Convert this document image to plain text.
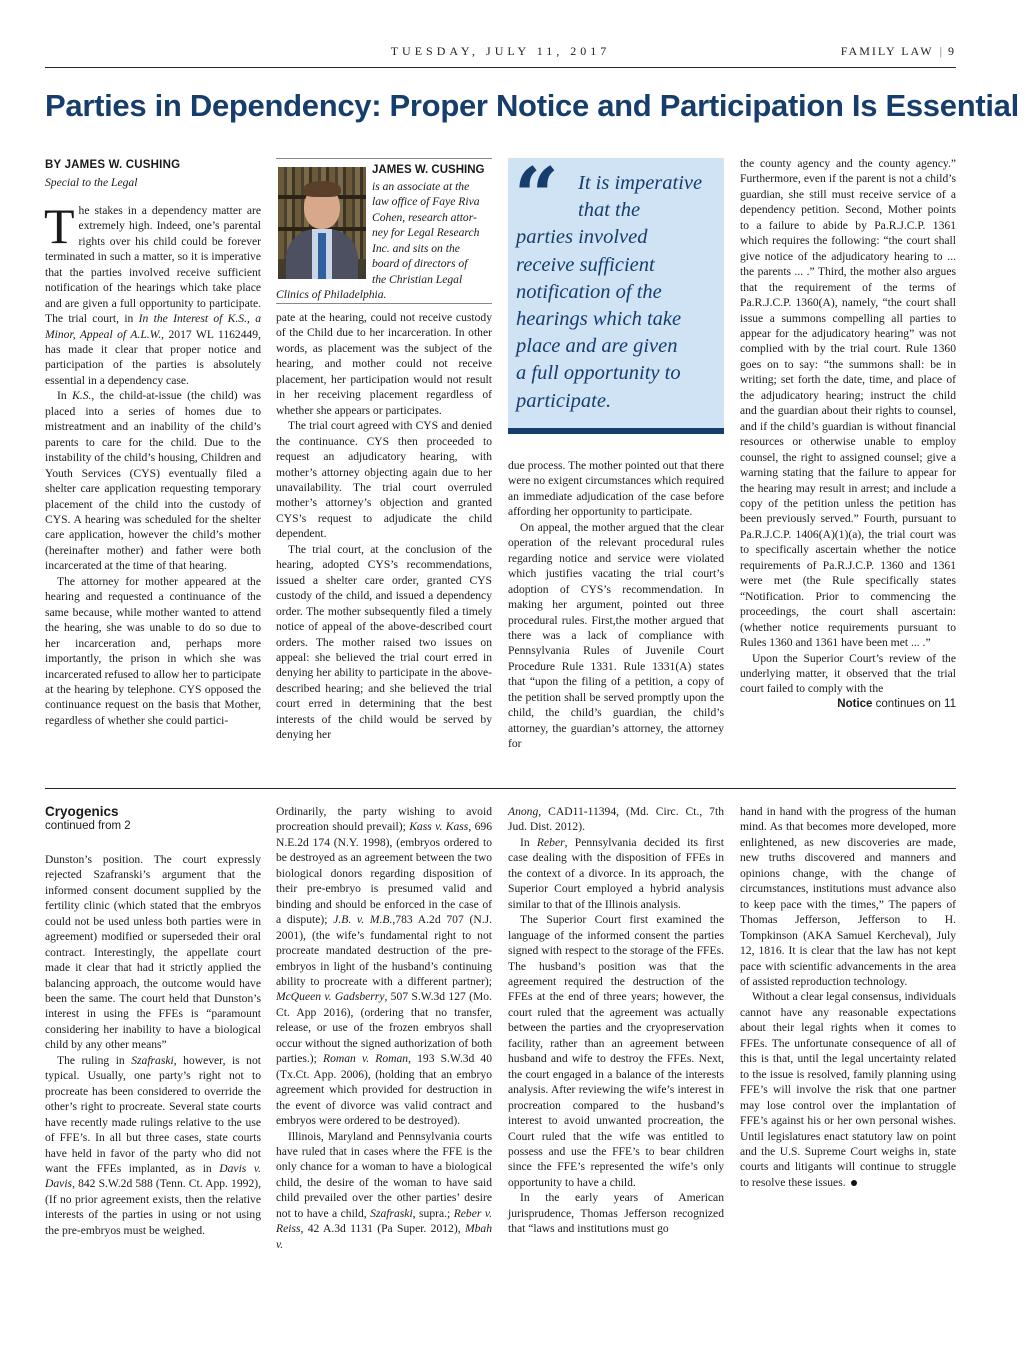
TUESDAY, JULY 11, 2017	FAMILY LAW | 9
Parties in Dependency: Proper Notice and Participation Is Essential
BY JAMES W. CUSHING
Special to the Legal

The stakes in a dependency matter are extremely high. Indeed, one’s parental rights over his child could be forever terminated in such a matter, so it is imperative that the parties involved receive sufficient notification of the hearings which take place and are given a full opportunity to participate. The trial court, in In the Interest of K.S., a Minor, Appeal of A.L.W., 2017 WL 1162449, has made it clear that proper notice and participation of the parties is absolutely essential in a dependency case.

In K.S., the child-at-issue (the child) was placed into a series of homes due to mistreatment and an inability of the child’s parents to care for the child. Due to the instability of the child’s housing, Children and Youth Services (CYS) eventually filed a shelter care application requesting temporary placement of the child into the custody of CYS. A hearing was scheduled for the shelter care application, however the child’s mother (hereinafter mother) and father were both incarcerated at the time of that hearing.

The attorney for mother appeared at the hearing and requested a continuance of the same because, while mother wanted to attend the hearing, she was unable to do so due to her incarceration and, perhaps more importantly, the prison in which she was incarcerated refused to allow her to participate at the hearing by telephone. CYS opposed the continuance request on the basis that Mother, regardless of whether she could partici-

JAMES W. CUSHING
is an associate at the
law office of Faye Riva
Cohen, research attor-
ney for Legal Research
Inc. and sits on the
board of directors of
the Christian Legal
Clinics of Philadelphia.

pate at the hearing, could not receive custody of the Child due to her incarceration. In other words, as placement was the subject of the hearing, and mother could not receive placement, her participation would not result in her receiving placement regardless of whether she appears or participates.

The trial court agreed with CYS and denied the continuance. CYS then proceeded to request an adjudicatory hearing, with mother’s attorney objecting again due to her unavailability. The trial court overruled mother’s attorney’s objection and granted CYS’s request to adjudicate the child dependent.

The trial court, at the conclusion of the hearing, adopted CYS’s recommendations, issued a shelter care order, granted CYS custody of the child, and issued a dependency order. The mother subsequently filed a timely notice of appeal of the above-described court orders. The mother raised two issues on appeal: she believed the trial court erred in denying her ability to participate in the above-described hearing; and she believed the trial court erred in determining that the best interests of the child would be served by denying her

“ It is imperative
that the
parties involved
receive sufficient
notification of the
hearings which take
place and are given
a full opportunity to
participate.

due process. The mother pointed out that there were no exigent circumstances which required an immediate adjudication of the case before affording her opportunity to participate.

On appeal, the mother argued that the clear operation of the relevant procedural rules regarding notice and service were violated which justifies vacating the trial court’s adoption of CYS’s recommendation. In making her argument, pointed out three procedural rules. First,the mother argued that there was a lack of compliance with Pennsylvania Rules of Juvenile Court Procedure Rule 1331. Rule 1331(A) states that “upon the filing of a petition, a copy of the petition shall be served promptly upon the child, the child’s guardian, the child’s attorney, the guardian’s attorney, the attorney for

the county agency and the county agency.” Furthermore, even if the parent is not a child’s guardian, she still must receive service of a dependency petition. Second, Mother points to a failure to abide by Pa.R.J.C.P. 1361 which requires the following: “the court shall give notice of the adjudicatory hearing to ... the parents ... .” Third, the mother also argues that the requirement of the terms of Pa.R.J.C.P. 1360(A), namely, “the court shall issue a summons compelling all parties to appear for the adjudicatory hearing” was not complied with by the trial court. Rule 1360 goes on to say: “the summons shall: be in writing; set forth the date, time, and place of the adjudicatory hearing; instruct the child and the guardian about their rights to counsel, and if the child’s guardian is without financial resources or otherwise unable to employ counsel, the right to assigned counsel; give a warning stating that the failure to appear for the hearing may result in arrest; and include a copy of the petition unless the petition has been previously served.” Fourth, pursuant to Pa.R.J.C.P. 1406(A)(1)(a), the trial court was to specifically ascertain whether the notice requirements of Pa.R.J.C.P. 1360 and 1361 were met (the Rule specifically states “Notification. Prior to commencing the proceedings, the court shall ascertain: (whether notice requirements pursuant to Rules 1360 and 1361 have been met ... .”

Upon the Superior Court’s review of the underlying matter, it observed that the trial court failed to comply with the

Notice continues on 11
Cryogenics
continued from 2

Dunston’s position. The court expressly rejected Szafranski’s argument that the informed consent document supplied by the fertility clinic (which stated that the embryos could not be used unless both parties were in agreement) modified or superseded their oral contract. Interestingly, the appellate court made it clear that had it strictly applied the balancing approach, the outcome would have been the same. The court held that Dunston’s interest in using the FFEs is “paramount considering her inability to have a biological child by any other means”

The ruling in Szafraski, however, is not typical. Usually, one party’s right not to procreate has been considered to override the other’s right to procreate. Several state courts have recently made rulings relative to the use of FFE’s. In all but three cases, state courts have held in favor of the party who did not want the FFEs implanted, as in Davis v. Davis, 842 S.W.2d 588 (Tenn. Ct. App. 1992), (If no prior agreement exists, then the relative interests of the parties in using or not using the pre-embryos must be weighed.

Ordinarily, the party wishing to avoid procreation should prevail); Kass v. Kass, 696 N.E.2d 174 (N.Y. 1998), (embryos ordered to be destroyed as an agreement between the two biological donors regarding disposition of their pre-embryo is presumed valid and binding and should be enforced in the case of a dispute); J.B. v. M.B.,783 A.2d 707 (N.J. 2001), (the wife’s fundamental right to not procreate mandated destruction of the pre-embryos in light of the husband’s continuing ability to procreate with a different partner); McQueen v. Gadsberry, 507 S.W.3d 127 (Mo. Ct. App 2016), (ordering that no transfer, release, or use of the frozen embryos shall occur without the signed authorization of both parties.); Roman v. Roman, 193 S.W.3d 40 (Tx.Ct. App. 2006), (holding that an embryo agreement which provided for destruction in the event of divorce was valid contract and embryos were ordered to be destroyed).

Illinois, Maryland and Pennsylvania courts have ruled that in cases where the FFE is the only chance for a woman to have a biological child, the desire of the woman to have said child prevailed over the other parties’ desire not to have a child, Szafraski, supra.; Reber v. Reiss, 42 A.3d 1131 (Pa Super. 2012), Mbah v.

Anong, CAD11-11394, (Md. Circ. Ct., 7th Jud. Dist. 2012).

In Reber, Pennsylvania decided its first case dealing with the disposition of FFEs in the context of a divorce. In its approach, the Superior Court employed a hybrid analysis similar to that of the Illinois analysis.

The Superior Court first examined the language of the informed consent the parties signed with respect to the storage of the FFEs. The husband’s position was that the agreement required the destruction of the FFEs at the end of three years; however, the court ruled that the agreement was actually between the parties and the cryopreservation facility, rather than an agreement between husband and wife to destroy the FFEs. Next, the court engaged in a balance of the interests analysis. After reviewing the wife’s interest in procreation compared to the husband’s interest to avoid unwanted procreation, the Court ruled that the wife was entitled to possess and use the FFE’s to bear children since the FFE’s represented the wife’s only opportunity to have a child.

In the early years of American jurisprudence, Thomas Jefferson recognized that “laws and institutions must go

hand in hand with the progress of the human mind. As that becomes more developed, more enlightened, as new discoveries are made, new truths discovered and manners and opinions change, with the change of circumstances, institutions must advance also to keep pace with the times,” The papers of Thomas Jefferson, Jefferson to H. Tompkinson (AKA Samuel Kercheval), July 12, 1816. It is clear that the law has not kept pace with scientific advancements in the area of assisted reproduction technology.

Without a clear legal consensus, individuals cannot have any reasonable expectations about their legal rights when it comes to FFEs. The unfortunate consequence of all of this is that, until the legal uncertainty related to the issue is resolved, family planning using FFE’s will involve the risk that one partner may lose control over the implantation of FFE’s against his or her own personal wishes. Until legislatures enact statutory law on point and the U.S. Supreme Court weighs in, state courts and litigants will continue to struggle to resolve these issues.
